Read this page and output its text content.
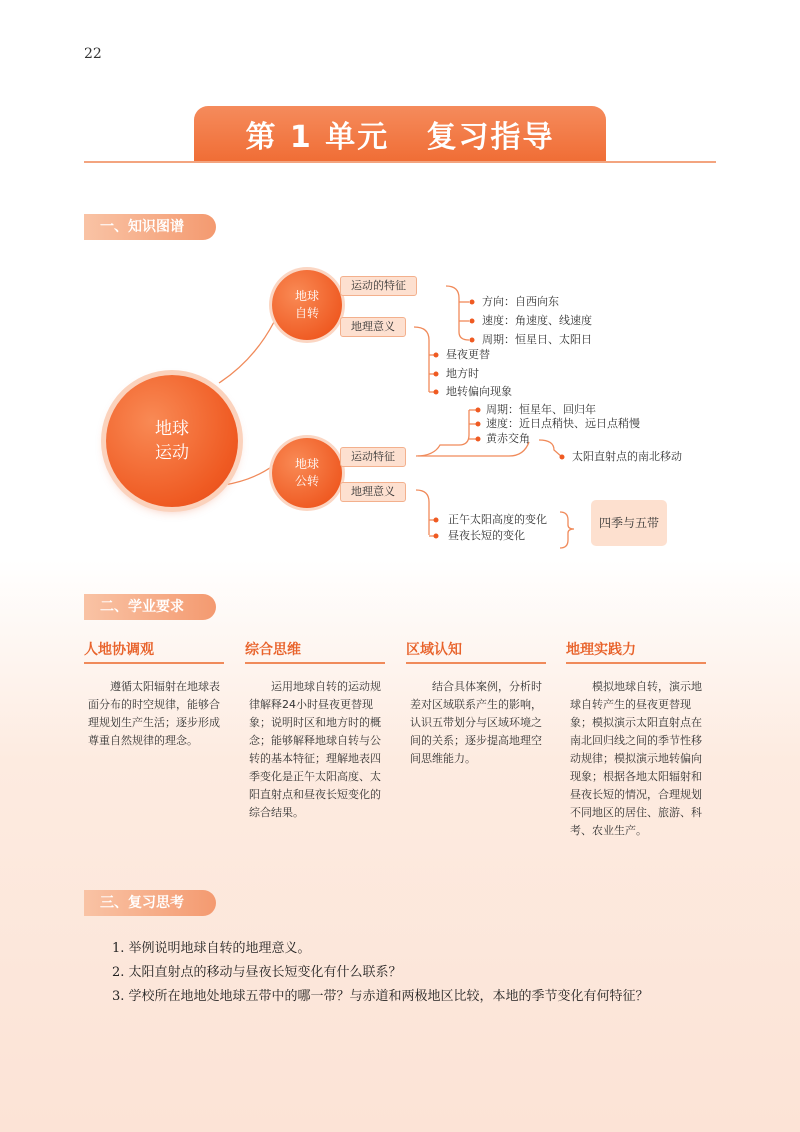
22
第 1 单元   复习指导
一、知识图谱
地球
运动
地球
自转
运动的特征
地理意义
方向：自西向东
速度：角速度、线速度
周期：恒星日、太阳日
昼夜更替
地方时
地转偏向现象
地球
公转
运动特征
地理意义
周期：恒星年、回归年
速度：近日点稍快、远日点稍慢
黄赤交角
太阳直射点的南北移动
正午太阳高度的变化
昼夜长短的变化
四季与五带
二、学业要求
人地协调观
遵循太阳辐射在地球表面分布的时空规律，能够合理规划生产生活；逐步形成尊重自然规律的理念。
综合思维
运用地球自转的运动规律解释24小时昼夜更替现象；说明时区和地方时的概念；能够解释地球自转与公转的基本特征；理解地表四季变化是正午太阳高度、太阳直射点和昼夜长短变化的综合结果。
区域认知
结合具体案例，分析时差对区域联系产生的影响，认识五带划分与区域环境之间的关系；逐步提高地理空间思维能力。
地理实践力
模拟地球自转，演示地球自转产生的昼夜更替现象；模拟演示太阳直射点在南北回归线之间的季节性移动规律；模拟演示地转偏向现象；根据各地太阳辐射和昼夜长短的情况，合理规划不同地区的居住、旅游、科考、农业生产。
三、复习思考
1. 举例说明地球自转的地理意义。
2. 太阳直射点的移动与昼夜长短变化有什么联系？
3. 学校所在地地处地球五带中的哪一带？与赤道和两极地区比较，本地的季节变化有何特征？
